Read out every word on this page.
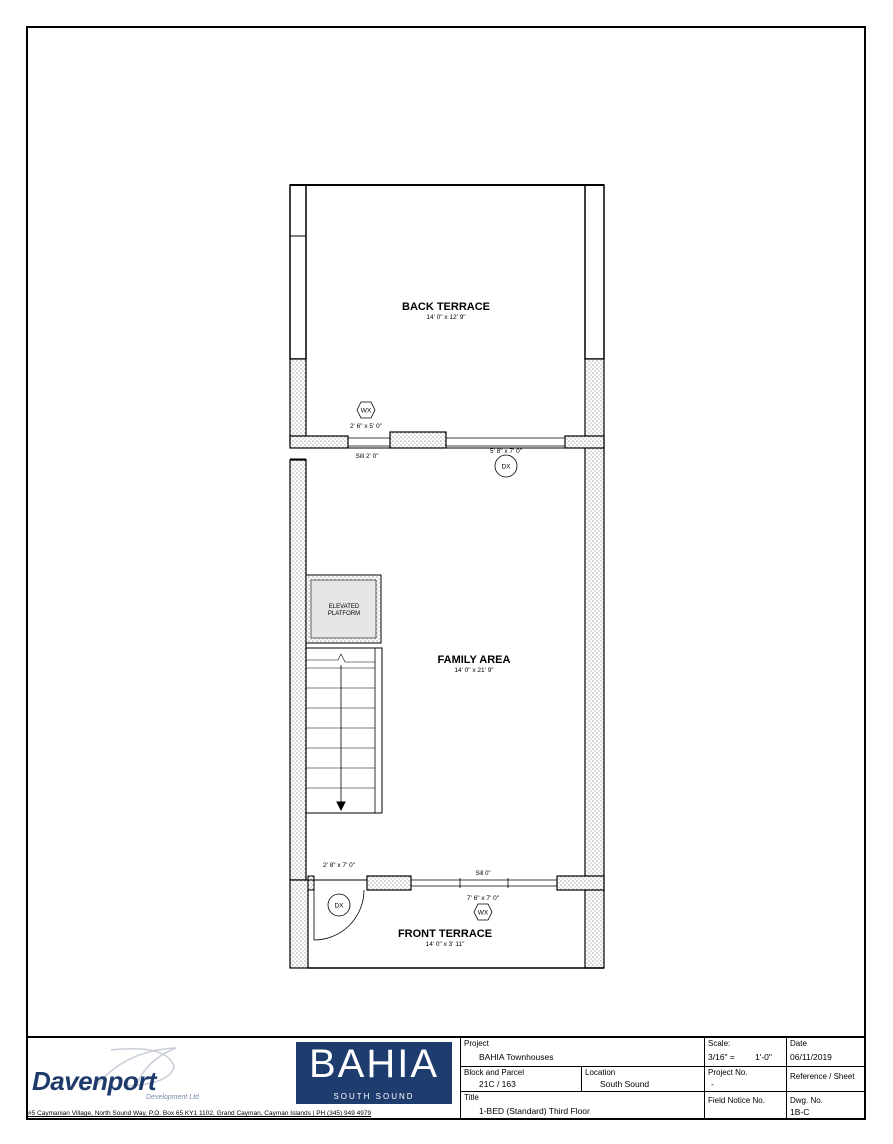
WX
DX
DX
WX
BACK TERRACE
14' 0" x 12' 9"
FAMILY AREA
14' 0" x 21' 9"
FRONT TERRACE
14' 0" x 3' 11"
ELEVATED
PLATFORM
2' 6" x 5' 0"
Sill 2' 0"
5' 8" x 7' 0"
2' 8" x 7' 0"
Sill 0"
7' 6" x 7' 0"
Davenport
Development Ltd
BAHIA
SOUTH SOUND
#5 Caymanian Village, North Sound Way, P.O. Box 65 KY1 1102, Grand Cayman, Cayman Islands | PH (345) 949 4979
Project
BAHIA Townhouses
Scale:
3/16" = 1'-0"
Date
06/11/2019
Block and Parcel
21C / 163
Location
South Sound
Project No.
-
Reference / Sheet
Title
1-BED (Standard) Third Floor
Field Notice No.	Dwg. No.
1B-C
